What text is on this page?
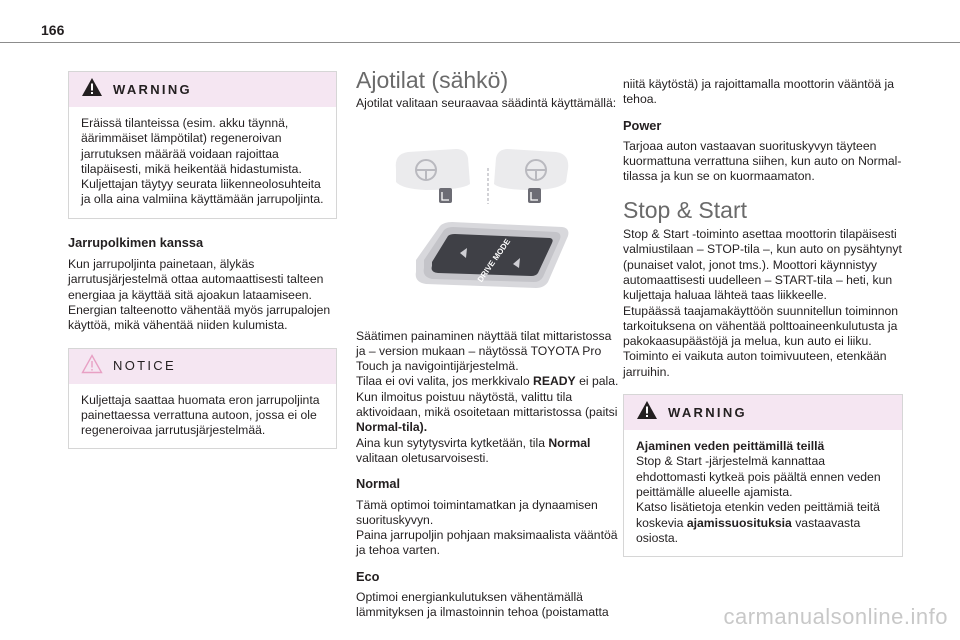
166
WARNING

Eräissä tilanteissa (esim. akku täynnä, äärimmäiset lämpötilat) regeneroivan jarrutuksen määrää voidaan rajoittaa tilapäisesti, mikä heikentää hidastumista. Kuljettajan täytyy seurata liikenneolosuhteita ja olla aina valmiina käyttämään jarrupoljinta.

Jarrupolkimen kanssa

Kun jarrupoljinta painetaan, älykäs jarrutusjärjestelmä ottaa automaattisesti talteen energiaa ja käyttää sitä ajoakun lataamiseen. Energian talteenotto vähentää myös jarrupalojen käyttöä, mikä vähentää niiden kulumista.

NOTICE

Kuljettaja saattaa huomata eron jarrupoljinta painettaessa verrattuna autoon, jossa ei ole regeneroivaa jarrutusjärjestelmää.

Ajotilat (sähkö)

Ajotilat valitaan seuraavaa säädintä käyttämällä:

DRIVE MODE

Säätimen painaminen näyttää tilat mittaristossa ja – version mukaan – näytössä TOYOTA Pro Touch ja navigointijärjestelmä.

Tilaa ei ovi valita, jos merkkivalo READY ei pala.

Kun ilmoitus poistuu näytöstä, valittu tila aktivoidaan, mikä osoitetaan mittaristossa (paitsi
Normal-tila).

Aina kun sytytysvirta kytketään, tila Normal valitaan oletusarvoisesti.

Normal

Tämä optimoi toimintamatkan ja dynaamisen suorituskyvyn.

Paina jarrupoljin pohjaan maksimaalista vääntöä ja tehoa varten.

Eco

Optimoi energiankulutuksen vähentämällä lämmityksen ja ilmastoinnin tehoa (poistamatta

niitä käytöstä) ja rajoittamalla moottorin vääntöä ja tehoa.

Power

Tarjoaa auton vastaavan suorituskyvyn täyteen kuormattuna verrattuna siihen, kun auto on Normal-tilassa ja kun se on kuormaamaton.

Stop & Start

Stop & Start -toiminto asettaa moottorin tilapäisesti valmiustilaan – STOP-tila –, kun auto on pysähtynyt (punaiset valot, jonot tms.). Moottori käynnistyy automaattisesti uudelleen – START-tila – heti, kun kuljettaja haluaa lähteä taas liikkeelle.

Etupäässä taajamakäyttöön suunnitellun toiminnon tarkoituksena on vähentää polttoaineenkulutusta ja pakokaasupäästöjä ja melua, kun auto ei liiku.

Toiminto ei vaikuta auton toimivuuteen, etenkään jarruihin.

WARNING

Ajaminen veden peittämillä teillä

Stop & Start -järjestelmä kannattaa ehdottomasti kytkeä pois päältä ennen veden peittämälle alueelle ajamista.

Katso lisätietoja etenkin veden peittämiä teitä koskevia ajamissuosituksia vastaavasta osiosta.

carmanualsonline.info
